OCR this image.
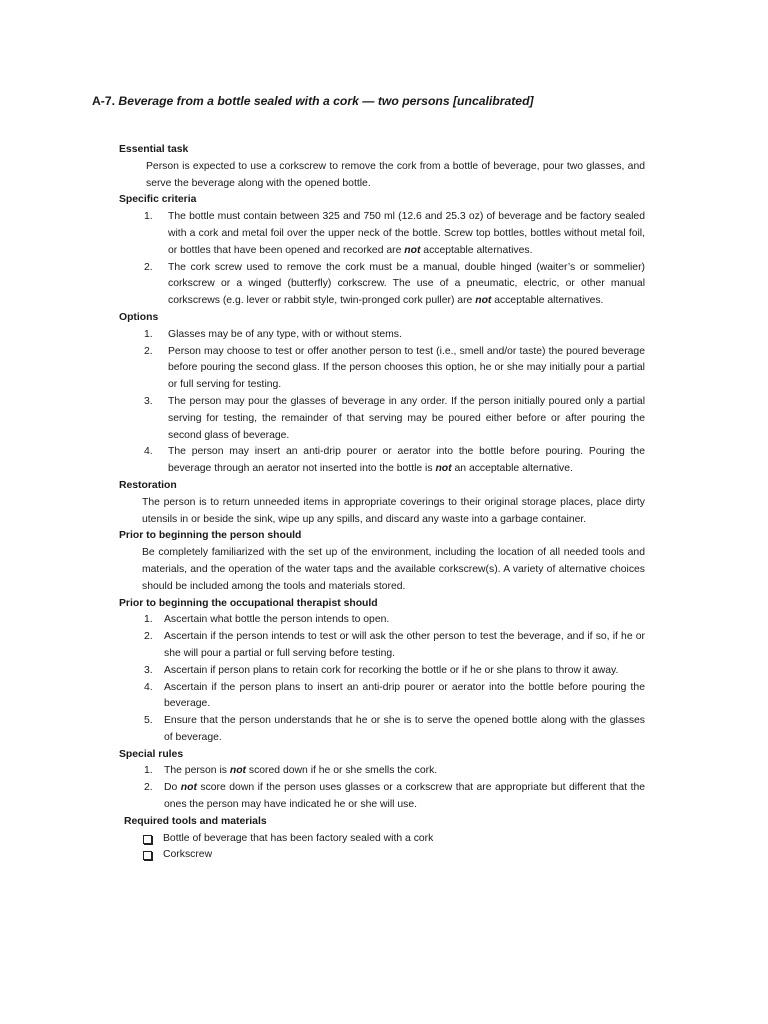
A-7. Beverage from a bottle sealed with a cork — two persons [uncalibrated]

Essential task

Person is expected to use a corkscrew to remove the cork from a bottle of beverage, pour two glasses, and serve the beverage along with the opened bottle.

Specific criteria

1. The bottle must contain between 325 and 750 ml (12.6 and 25.3 oz) of beverage and be factory sealed with a cork and metal foil over the upper neck of the bottle. Screw top bottles, bottles without metal foil, or bottles that have been opened and recorked are not acceptable alternatives.
2. The cork screw used to remove the cork must be a manual, double hinged (waiter’s or sommelier) corkscrew or a winged (butterfly) corkscrew. The use of a pneumatic, electric, or other manual corkscrews (e.g. lever or rabbit style, twin-pronged cork puller) are not acceptable alternatives.

Options

1. Glasses may be of any type, with or without stems.
2. Person may choose to test or offer another person to test (i.e., smell and/or taste) the poured beverage before pouring the second glass. If the person chooses this option, he or she may initially pour a partial or full serving for testing.
3. The person may pour the glasses of beverage in any order. If the person initially poured only a partial serving for testing, the remainder of that serving may be poured either before or after pouring the second glass of beverage.
4. The person may insert an anti-drip pourer or aerator into the bottle before pouring. Pouring the beverage through an aerator not inserted into the bottle is not an acceptable alternative.

Restoration

The person is to return unneeded items in appropriate coverings to their original storage places, place dirty utensils in or beside the sink, wipe up any spills, and discard any waste into a garbage container.

Prior to beginning the person should

Be completely familiarized with the set up of the environment, including the location of all needed tools and materials, and the operation of the water taps and the available corkscrew(s). A variety of alternative choices should be included among the tools and materials stored.

Prior to beginning the occupational therapist should

1. Ascertain what bottle the person intends to open.
2. Ascertain if the person intends to test or will ask the other person to test the beverage, and if so, if he or she will pour a partial or full serving before testing.
3. Ascertain if person plans to retain cork for recorking the bottle or if he or she plans to throw it away.
4. Ascertain if the person plans to insert an anti-drip pourer or aerator into the bottle before pouring the beverage.
5. Ensure that the person understands that he or she is to serve the opened bottle along with the glasses of beverage.

Special rules

1. The person is not scored down if he or she smells the cork.
2. Do not score down if the person uses glasses or a corkscrew that are appropriate but different that the ones the person may have indicated he or she will use.

Required tools and materials

Bottle of beverage that has been factory sealed with a cork
Corkscrew
